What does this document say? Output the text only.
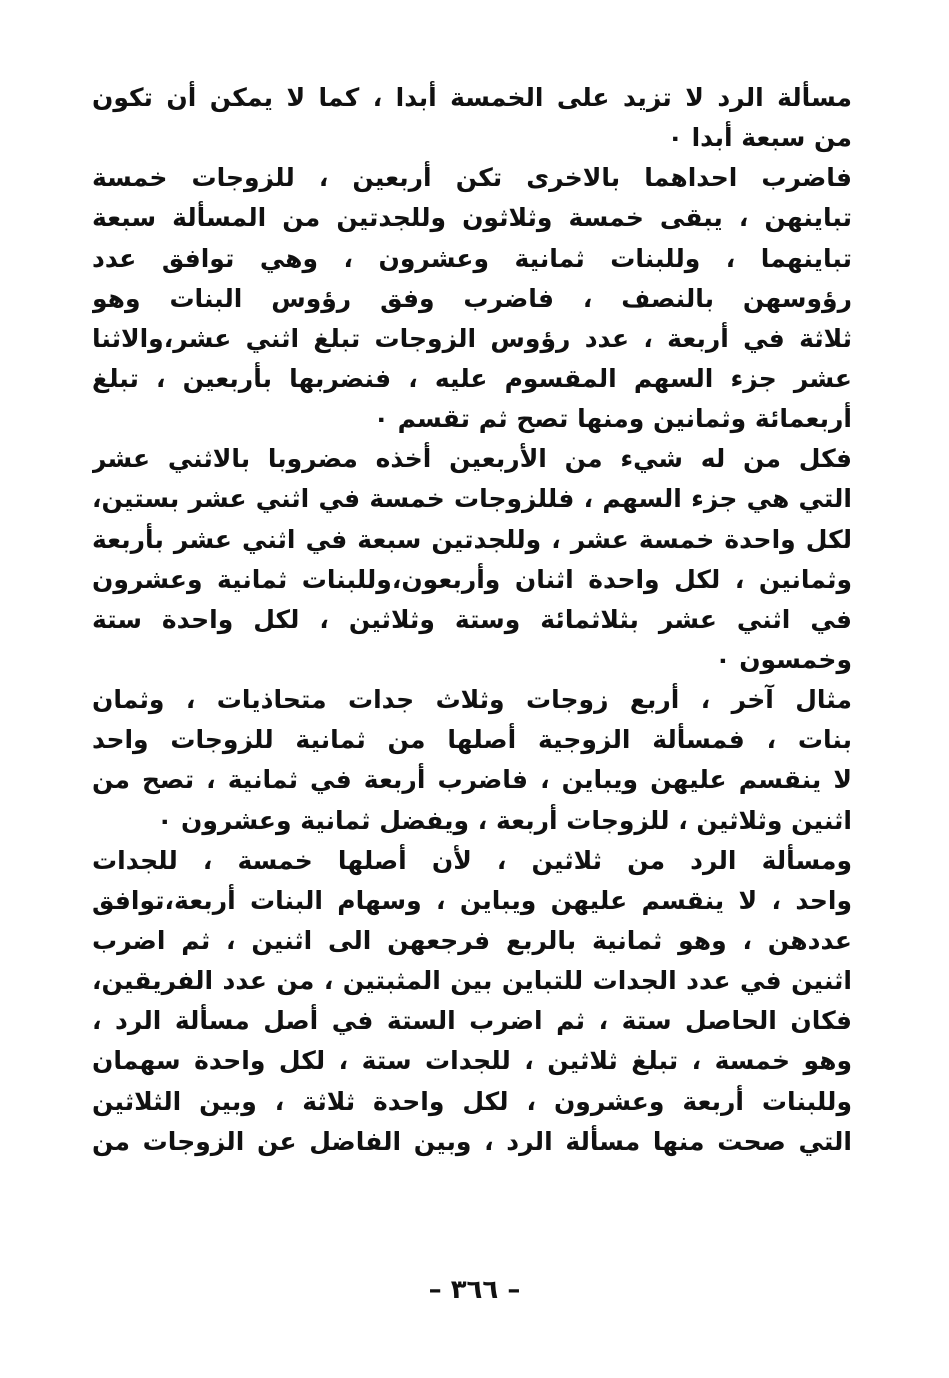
مسألة الرد لا تزيد على الخمسة أبدا ، كما لا يمكن أن تكون
من سبعة أبدا ٠
فاضرب احداهما بالاخرى تكن أربعين ، للزوجات خمسة
تباينهن ، يبقى خمسة وثلاثون وللجدتين من المسألة سبعة
تباينهما ، وللبنات ثمانية وعشرون ، وهي توافق عدد
رؤوسهن بالنصف ، فاضرب وفق رؤوس البنات وهو
ثلاثة في أربعة ، عدد رؤوس الزوجات تبلغ اثني عشر،والاثنا
عشر جزء السهم المقسوم عليه ، فنضربها بأربعين ، تبلغ
أربعمائة وثمانين ومنها تصح ثم تقسم ٠
فكل من له شيء من الأربعين أخذه مضروبا بالاثني عشر
التي هي جزء السهم ، فللزوجات خمسة في اثني عشر بستين،
لكل واحدة خمسة عشر ، وللجدتين سبعة في اثني عشر بأربعة
وثمانين ، لكل واحدة اثنان وأربعون،وللبنات ثمانية وعشرون
في اثني عشر بثلاثمائة وستة وثلاثين ، لكل واحدة ستة
وخمسون ٠
مثال آخر ، أربع زوجات وثلاث جدات متحاذيات ، وثمان
بنات ، فمسألة الزوجية أصلها من ثمانية للزوجات واحد
لا ينقسم عليهن ويباين ، فاضرب أربعة في ثمانية ، تصح من
اثنين وثلاثين ، للزوجات أربعة ، ويفضل ثمانية وعشرون ٠
ومسألة الرد من ثلاثين ، لأن أصلها خمسة ، للجدات
واحد ، لا ينقسم عليهن ويباين ، وسهام البنات أربعة،توافق
عددهن ، وهو ثمانية بالربع فرجعهن الى اثنين ، ثم اضرب
اثنين في عدد الجدات للتباين بين المثبتين ، من عدد الفريقين،
فكان الحاصل ستة ، ثم اضرب الستة في أصل مسألة الرد ،
وهو خمسة ، تبلغ ثلاثين ، للجدات ستة ، لكل واحدة سهمان
وللبنات أربعة وعشرون ، لكل واحدة ثلاثة ، وبين الثلاثين
التي صحت منها مسألة الرد ، وبين الفاضل عن الزوجات من
– ٣٦٦ –
